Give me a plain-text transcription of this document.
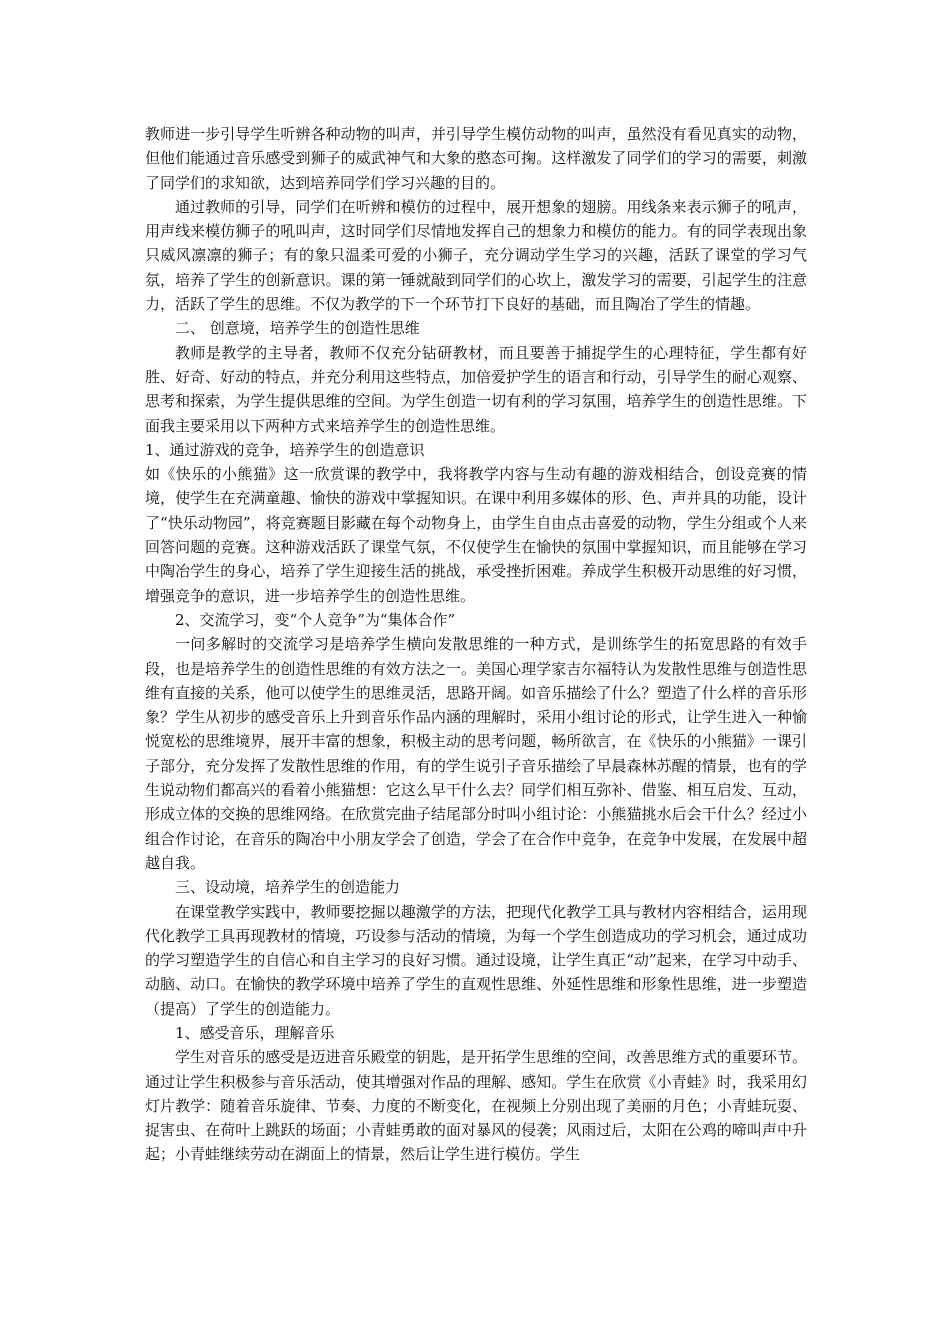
教师进一步引导学生听辨各种动物的叫声，并引导学生模仿动物的叫声，虽然没有看见真实的动物，但他们能通过音乐感受到狮子的威武神气和大象的憨态可掬。这样激发了同学们的学习的需要，刺激了同学们的求知欲，达到培养同学们学习兴趣的目的。

通过教师的引导，同学们在听辨和模仿的过程中，展开想象的翅膀。用线条来表示狮子的吼声，用声线来模仿狮子的吼叫声，这时同学们尽情地发挥自己的想象力和模仿的能力。有的同学表现出象只威风凛凛的狮子；有的象只温柔可爱的小狮子，充分调动学生学习的兴趣，活跃了课堂的学习气氛，培养了学生的创新意识。课的第一锤就敲到同学们的心坎上，激发学习的需要，引起学生的注意力，活跃了学生的思维。不仅为教学的下一个环节打下良好的基础，而且陶冶了学生的情趣。

二、 创意境，培养学生的创造性思维

教师是教学的主导者，教师不仅充分钻研教材，而且要善于捕捉学生的心理特征，学生都有好胜、好奇、好动的特点，并充分利用这些特点，加倍爱护学生的语言和行动，引导学生的耐心观察、思考和探索，为学生提供思维的空间。为学生创造一切有利的学习氛围，培养学生的创造性思维。下面我主要采用以下两种方式来培养学生的创造性思维。

1、通过游戏的竞争，培养学生的创造意识

如《快乐的小熊猫》这一欣赏课的教学中，我将教学内容与生动有趣的游戏相结合，创设竞赛的情境，使学生在充满童趣、愉快的游戏中掌握知识。在课中利用多媒体的形、色、声并具的功能，设计了“快乐动物园”，将竞赛题目影藏在每个动物身上，由学生自由点击喜爱的动物，学生分组或个人来回答问题的竞赛。这种游戏活跃了课堂气氛，不仅使学生在愉快的氛围中掌握知识，而且能够在学习中陶冶学生的身心，培养了学生迎接生活的挑战，承受挫折困难。养成学生积极开动思维的好习惯，增强竞争的意识，进一步培养学生的创造性思维。

2、交流学习，变“个人竞争”为“集体合作”

一问多解时的交流学习是培养学生横向发散思维的一种方式，是训练学生的拓宽思路的有效手段，也是培养学生的创造性思维的有效方法之一。美国心理学家吉尔福特认为发散性思维与创造性思维有直接的关系，他可以使学生的思维灵活，思路开阔。如音乐描绘了什么？塑造了什么样的音乐形象？学生从初步的感受音乐上升到音乐作品内涵的理解时，采用小组讨论的形式，让学生进入一种愉悦宽松的思维境界，展开丰富的想象，积极主动的思考问题，畅所欲言，在《快乐的小熊猫》一课引子部分，充分发挥了发散性思维的作用，有的学生说引子音乐描绘了早晨森林苏醒的情景，也有的学生说动物们都高兴的看着小熊猫想：它这么早干什么去？同学们相互弥补、借鉴、相互启发、互动，形成立体的交换的思维网络。在欣赏完曲子结尾部分时叫小组讨论：小熊猫挑水后会干什么？经过小组合作讨论，在音乐的陶冶中小朋友学会了创造，学会了在合作中竞争，在竞争中发展，在发展中超越自我。

三、设动境，培养学生的创造能力

在课堂教学实践中，教师要挖掘以趣激学的方法，把现代化教学工具与教材内容相结合，运用现代化教学工具再现教材的情境，巧设参与活动的情境，为每一个学生创造成功的学习机会，通过成功的学习塑造学生的自信心和自主学习的良好习惯。通过设境，让学生真正“动”起来，在学习中动手、动脑、动口。在愉快的教学环境中培养了学生的直观性思维、外延性思维和形象性思维，进一步塑造（提高）了学生的创造能力。

1、感受音乐，理解音乐

学生对音乐的感受是迈进音乐殿堂的钥匙，是开拓学生思维的空间，改善思维方式的重要环节。通过让学生积极参与音乐活动，使其增强对作品的理解、感知。学生在欣赏《小青蛙》时，我采用幻灯片教学：随着音乐旋律、节奏、力度的不断变化，在视频上分别出现了美丽的月色；小青蛙玩耍、捉害虫、在荷叶上跳跃的场面；小青蛙勇敢的面对暴风的侵袭；风雨过后，太阳在公鸡的啼叫声中升起；小青蛙继续劳动在湖面上的情景，然后让学生进行模仿。学生
